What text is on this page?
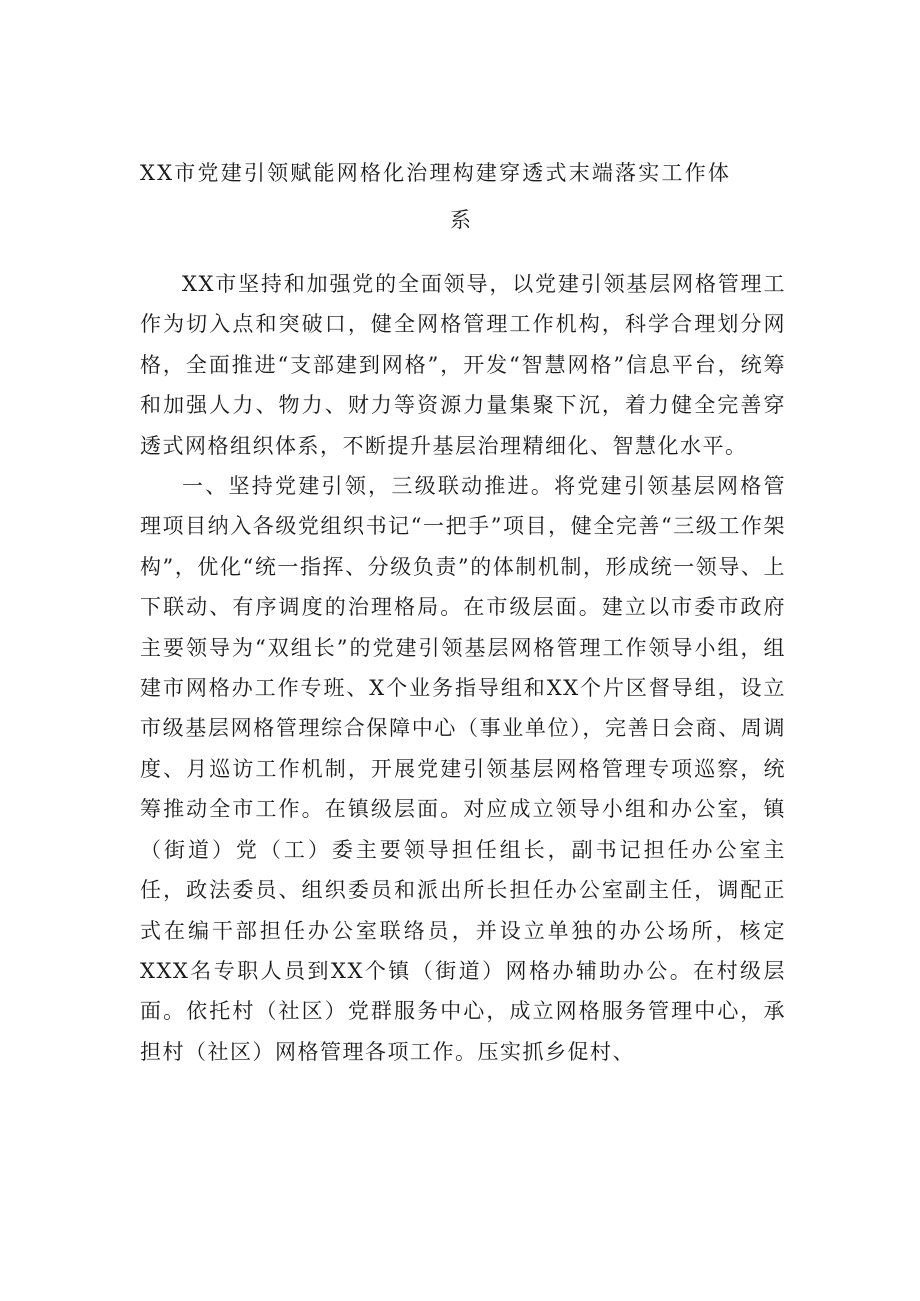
XX市党建引领赋能网格化治理构建穿透式末端落实工作体
系

XX市坚持和加强党的全面领导，以党建引领基层网格管理工作为切入点和突破口，健全网格管理工作机构，科学合理划分网格，全面推进“支部建到网格”，开发“智慧网格”信息平台，统筹和加强人力、物力、财力等资源力量集聚下沉，着力健全完善穿透式网格组织体系，不断提升基层治理精细化、智慧化水平。

一、坚持党建引领，三级联动推进。将党建引领基层网格管理项目纳入各级党组织书记“一把手”项目，健全完善“三级工作架构”，优化“统一指挥、分级负责”的体制机制，形成统一领导、上下联动、有序调度的治理格局。在市级层面。建立以市委市政府主要领导为“双组长”的党建引领基层网格管理工作领导小组，组建市网格办工作专班、X个业务指导组和XX个片区督导组，设立市级基层网格管理综合保障中心（事业单位），完善日会商、周调度、月巡访工作机制，开展党建引领基层网格管理专项巡察，统筹推动全市工作。在镇级层面。对应成立领导小组和办公室，镇（街道）党（工）委主要领导担任组长，副书记担任办公室主任，政法委员、组织委员和派出所长担任办公室副主任，调配正式在编干部担任办公室联络员，并设立单独的办公场所，核定XXX名专职人员到XX个镇（街道）网格办辅助办公。在村级层面。依托村（社区）党群服务中心，成立网格服务管理中心，承担村（社区）网格管理各项工作。压实抓乡促村、
